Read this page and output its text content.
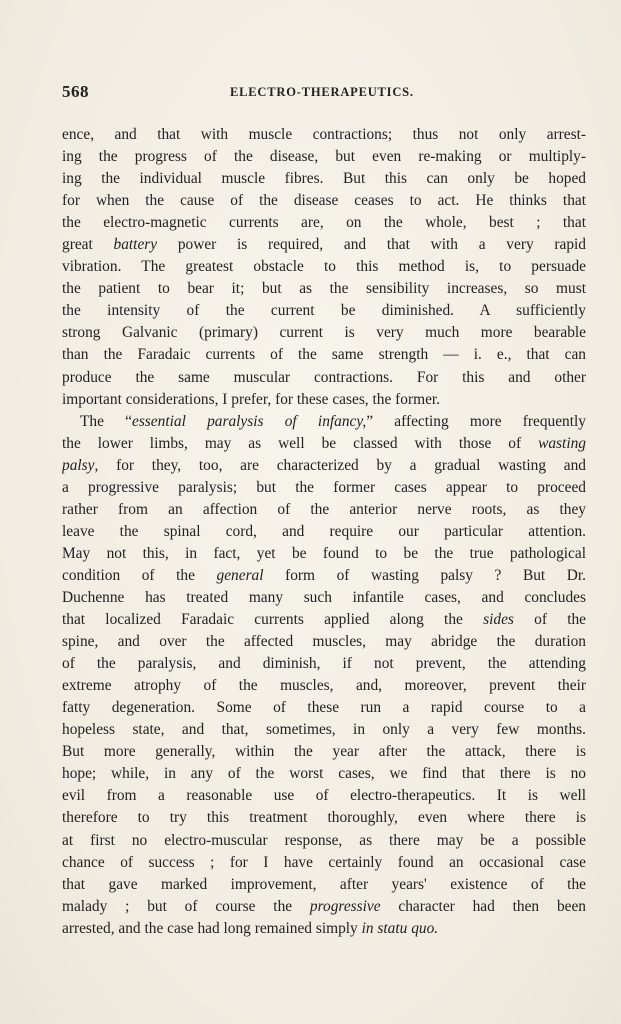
568	ELECTRO-THERAPEUTICS.
ence, and that with muscle contractions; thus not only arrest-
ing the progress of the disease, but even re-making or multiply-
ing the individual muscle fibres. But this can only be hoped
for when the cause of the disease ceases to act. He thinks that
the electro-magnetic currents are, on the whole, best ; that
great battery power is required, and that with a very rapid
vibration. The greatest obstacle to this method is, to persuade
the patient to bear it; but as the sensibility increases, so must
the intensity of the current be diminished. A sufficiently
strong Galvanic (primary) current is very much more bearable
than the Faradaic currents of the same strength — i. e., that can
produce the same muscular contractions. For this and other
important considerations, I prefer, for these cases, the former.
The “essential paralysis of infancy,” affecting more frequently
the lower limbs, may as well be classed with those of wasting
palsy, for they, too, are characterized by a gradual wasting and
a progressive paralysis; but the former cases appear to proceed
rather from an affection of the anterior nerve roots, as they
leave the spinal cord, and require our particular attention.
May not this, in fact, yet be found to be the true pathological
condition of the general form of wasting palsy ? But Dr.
Duchenne has treated many such infantile cases, and concludes
that localized Faradaic currents applied along the sides of the
spine, and over the affected muscles, may abridge the duration
of the paralysis, and diminish, if not prevent, the attending
extreme atrophy of the muscles, and, moreover, prevent their
fatty degeneration. Some of these run a rapid course to a
hopeless state, and that, sometimes, in only a very few months.
But more generally, within the year after the attack, there is
hope; while, in any of the worst cases, we find that there is no
evil from a reasonable use of electro-therapeutics. It is well
therefore to try this treatment thoroughly, even where there is
at first no electro-muscular response, as there may be a possible
chance of success ; for I have certainly found an occasional case
that gave marked improvement, after years' existence of the
malady ; but of course the progressive character had then been
arrested, and the case had long remained simply in statu quo.
